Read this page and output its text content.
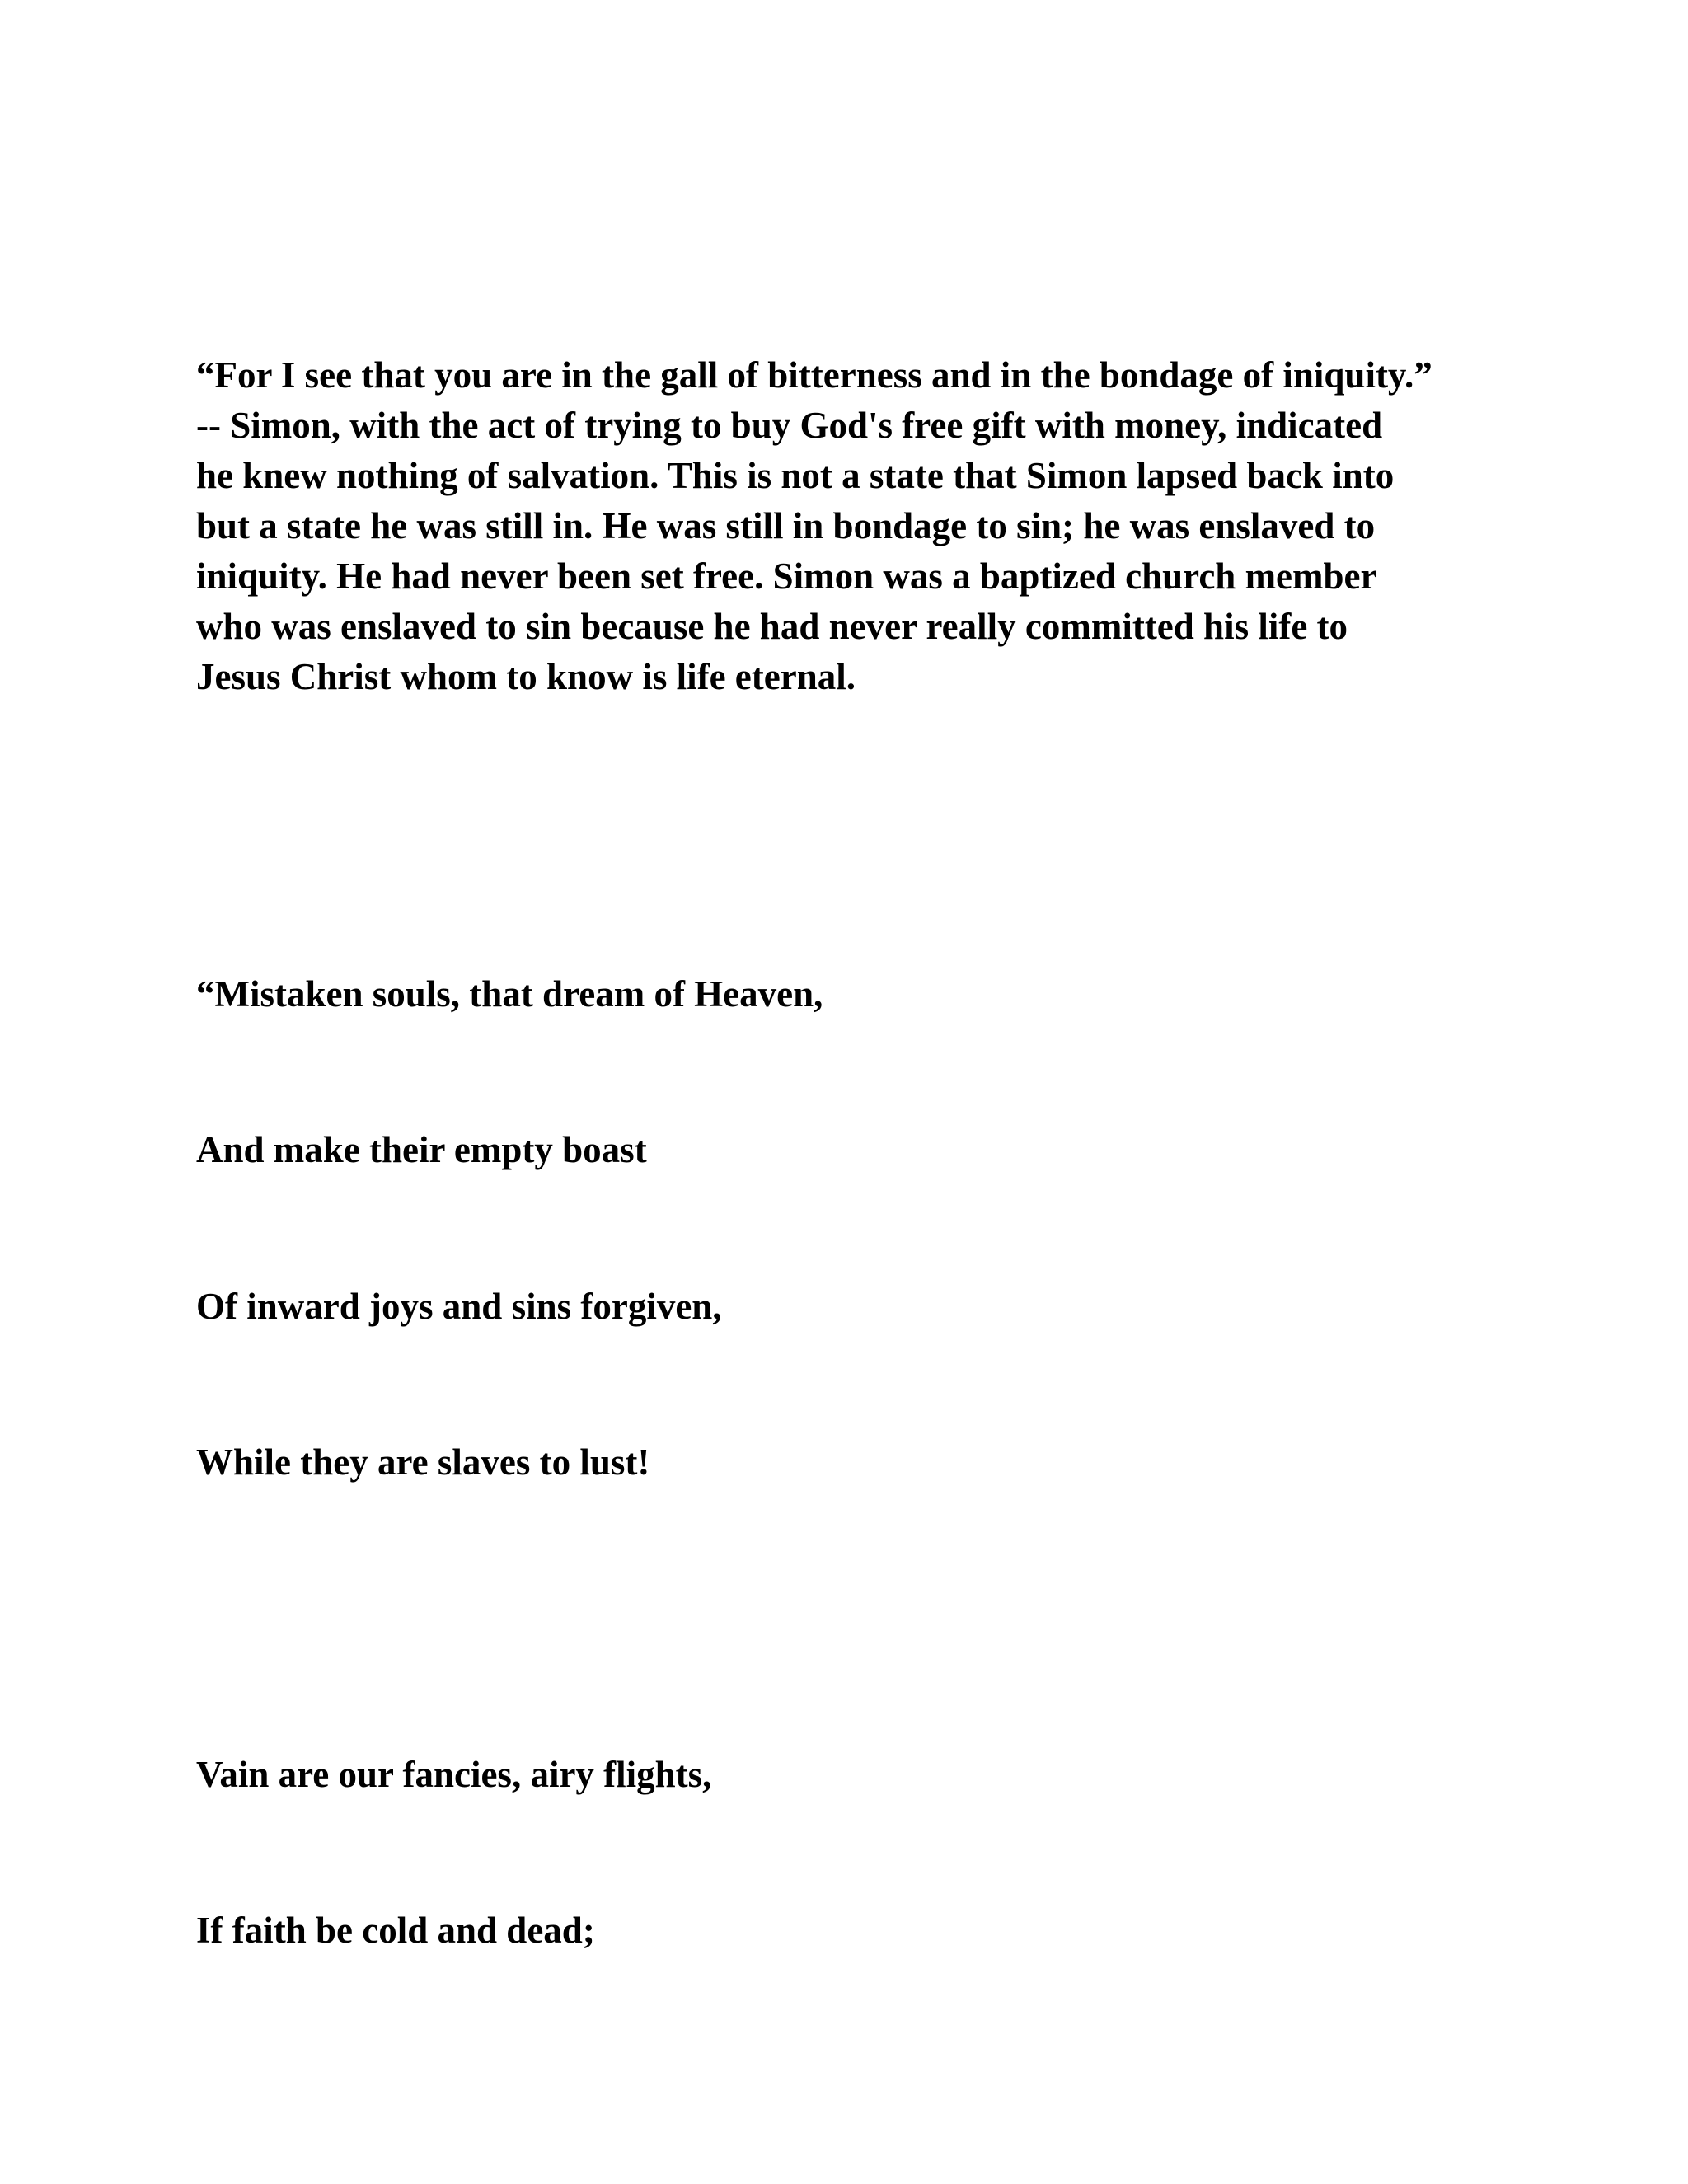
“For I see that you are in the gall of bitterness and in the bondage of iniquity.”
-- Simon, with the act of trying to buy God's free gift with money, indicated
he knew nothing of salvation. This is not a state that Simon lapsed back into
but a state he was still in. He was still in bondage to sin; he was enslaved to
iniquity. He had never been set free. Simon was a baptized church member
who was enslaved to sin because he had never really committed his life to
Jesus Christ whom to know is life eternal.
“Mistaken souls, that dream of Heaven,
And make their empty boast
Of inward joys and sins forgiven,
While they are slaves to lust!
Vain are our fancies, airy flights,
If faith be cold and dead;
